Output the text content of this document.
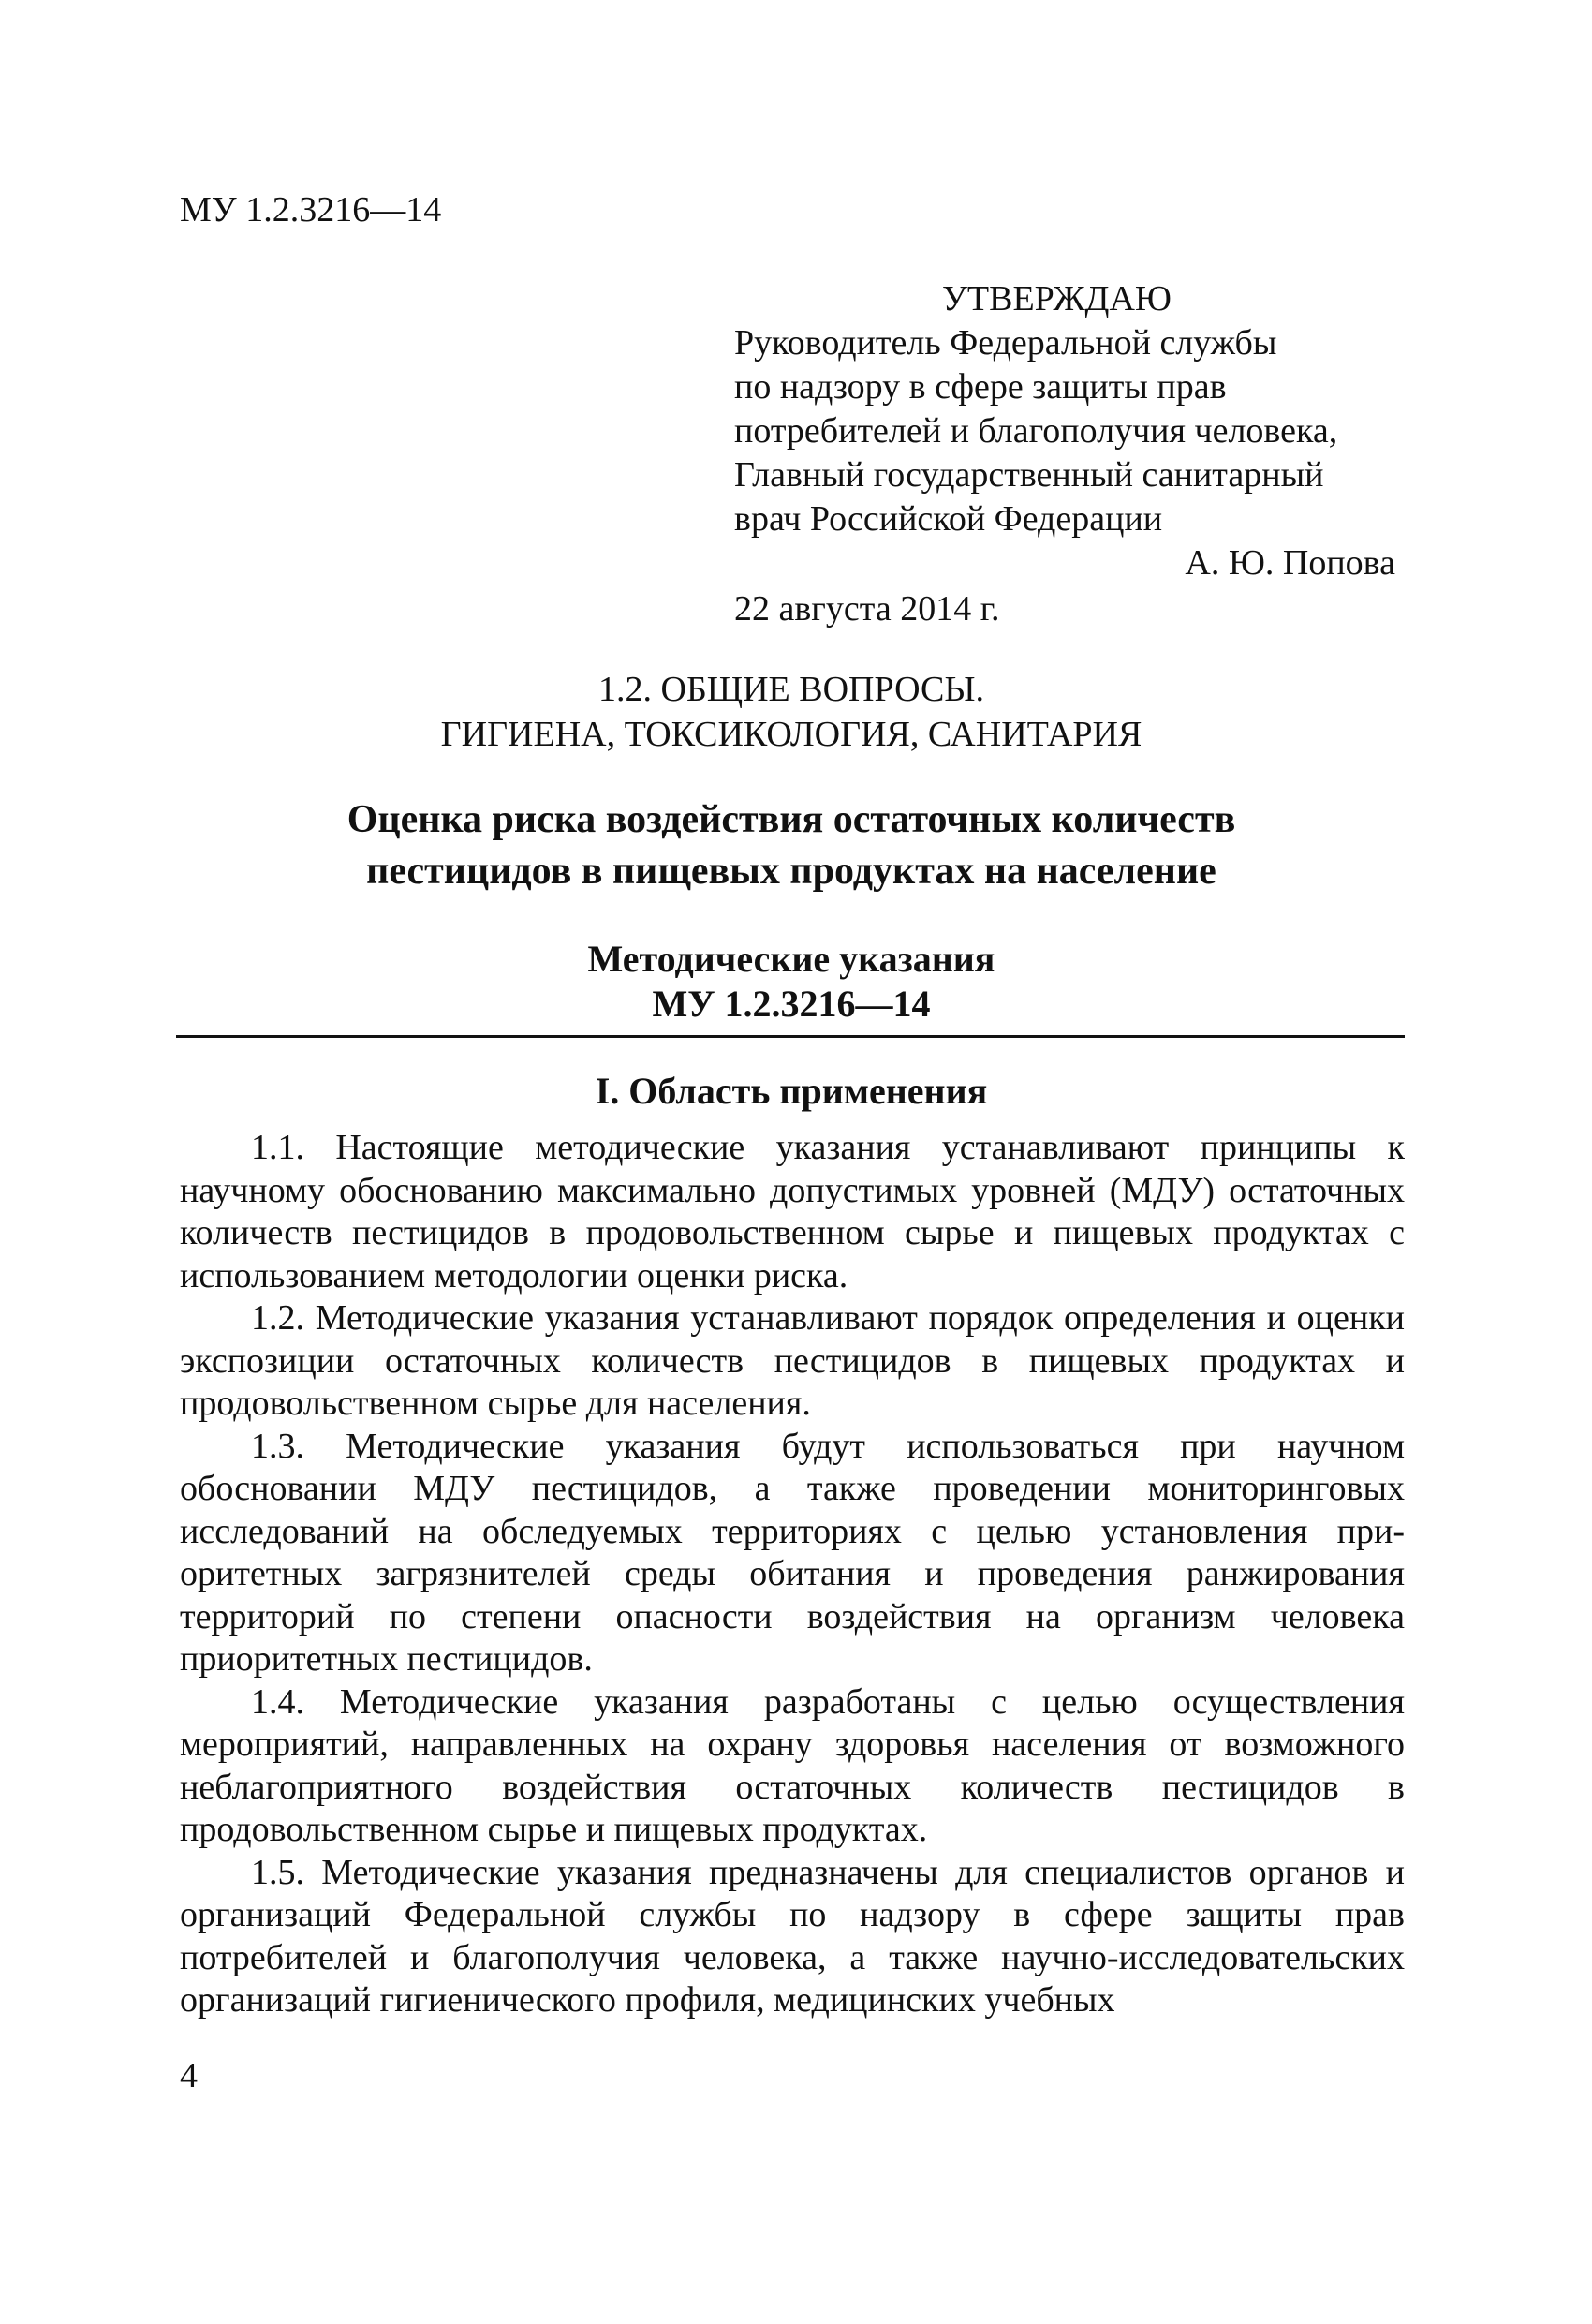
МУ 1.2.3216—14
УТВЕРЖДАЮ
Руководитель Федеральной службы
по надзору в сфере защиты прав
потребителей и благополучия человека,
Главный государственный санитарный
врач Российской Федерации
А. Ю. Попова
22 августа 2014 г.
1.2. ОБЩИЕ ВОПРОСЫ.
ГИГИЕНА, ТОКСИКОЛОГИЯ, САНИТАРИЯ
Оценка риска воздействия остаточных количеств
пестицидов в пищевых продуктах на население
Методические указания
МУ 1.2.3216—14
I. Область применения

1.1. Настоящие методические указания устанавливают принципы к научному обоснованию максимально допустимых уровней (МДУ) остаточных количеств пестицидов в продовольственном сырье и пищевых продуктах с использованием методологии оценки риска.

1.2. Методические указания устанавливают порядок определения и оценки экспозиции остаточных количеств пестицидов в пищевых продуктах и продовольственном сырье для населения.

1.3. Методические указания будут использоваться при научном обосновании МДУ пестицидов, а также проведении мониторинговых исследований на обследуемых территориях с целью установления приоритетных загрязнителей среды обитания и проведения ранжирования территорий по степени опасности воздействия на организм человека приоритетных пестицидов.

1.4. Методические указания разработаны с целью осуществления мероприятий, направленных на охрану здоровья населения от возможного неблагоприятного воздействия остаточных количеств пестицидов в продовольственном сырье и пищевых продуктах.

1.5. Методические указания предназначены для специалистов органов и организаций Федеральной службы по надзору в сфере защиты прав потребителей и благополучия человека, а также научно-исследовательских организаций гигиенического профиля, медицинских учебных

4
